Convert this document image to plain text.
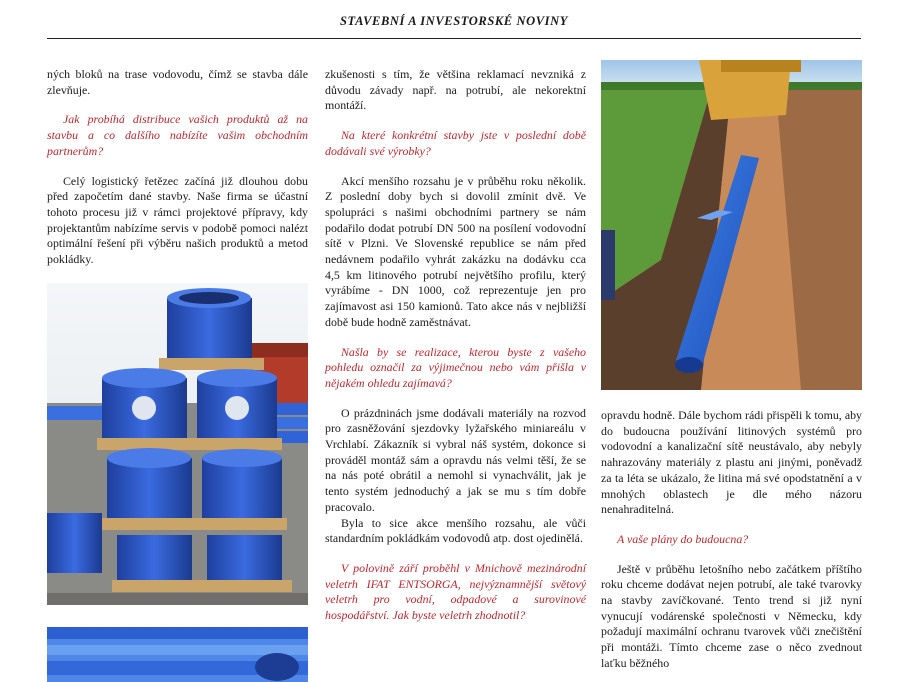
STAVEBNÍ A INVESTORSKÉ NOVINY

ných bloků na trase vodovodu, čímž se stavba dále zlevňuje.

Jak probíhá distribuce vašich produktů až na stavbu a co dalšího nabízíte vašim obchodním partnerům?

Celý logistický řetězec začíná již dlouhou dobu před započetím dané stavby. Naše firma se účastní tohoto procesu již v rámci projektové přípravy, kdy projektantům nabízíme servis v podobě pomoci nalézt optimální řešení při výběru našich produktů a metod pokládky.

zkušenosti s tím, že většina reklamací nevzniká z důvodu závady např. na potrubí, ale nekorektní montáží.

Na které konkrétní stavby jste v poslední době dodávali své výrobky?

Akcí menšího rozsahu je v průběhu roku několik. Z poslední doby bych si dovolil zmínit dvě. Ve spolupráci s našimi obchodními partnery se nám podařilo dodat potrubí DN 500 na posílení vodovodní sítě v Plzni. Ve Slovenské republice se nám před nedávnem podařilo vyhrát zakázku na dodávku cca 4,5 km litinového potrubí největšího profilu, který vyrábíme - DN 1000, což reprezentuje jen pro zajímavost asi 150 kamionů. Tato akce nás v nejbližší době bude hodně zaměstnávat.

Našla by se realizace, kterou byste z vašeho pohledu označil za výjimečnou nebo vám přišla v nějakém ohledu zajímavá?

O prázdninách jsme dodávali materiály na rozvod pro zasněžování sjezdovky lyžařského miniareálu v Vrchlabí. Zákazník si vybral náš systém, dokonce si prováděl montáž sám a opravdu nás velmi těší, že se na nás poté obrátil a nemohl si vynachválit, jak je tento systém jednoduchý a jak se mu s tím dobře pracovalo.

Byla to sice akce menšího rozsahu, ale vůči standardním pokládkám vodovodů atp. dost ojedinělá.

V polovině září proběhl v Mnichově mezinárodní veletrh IFAT ENTSORGA, nejvýznamnější světový veletrh pro vodní, odpadové a surovinové hospodářství. Jak byste veletrh zhodnotil?

opravdu hodně. Dále bychom rádi přispěli k tomu, aby do budoucna používání litinových systémů pro vodovodní a kanalizační sítě neustávalo, aby nebyly nahrazovány materiály z plastu ani jinými, poněvadž za ta léta se ukázalo, že litina má své opodstatnění a v mnohých oblastech je dle mého názoru nenahraditelná.

A vaše plány do budoucna?

Ještě v průběhu letošního nebo začátkem příštího roku chceme dodávat nejen potrubí, ale také tvarovky na stavby zavíčkované. Tento trend si již nyní vynucují vodárenské společnosti v Německu, kdy požadují maximální ochranu tvarovek vůči znečištění při montáži. Tímto chceme zase o něco zvednout laťku běžného
